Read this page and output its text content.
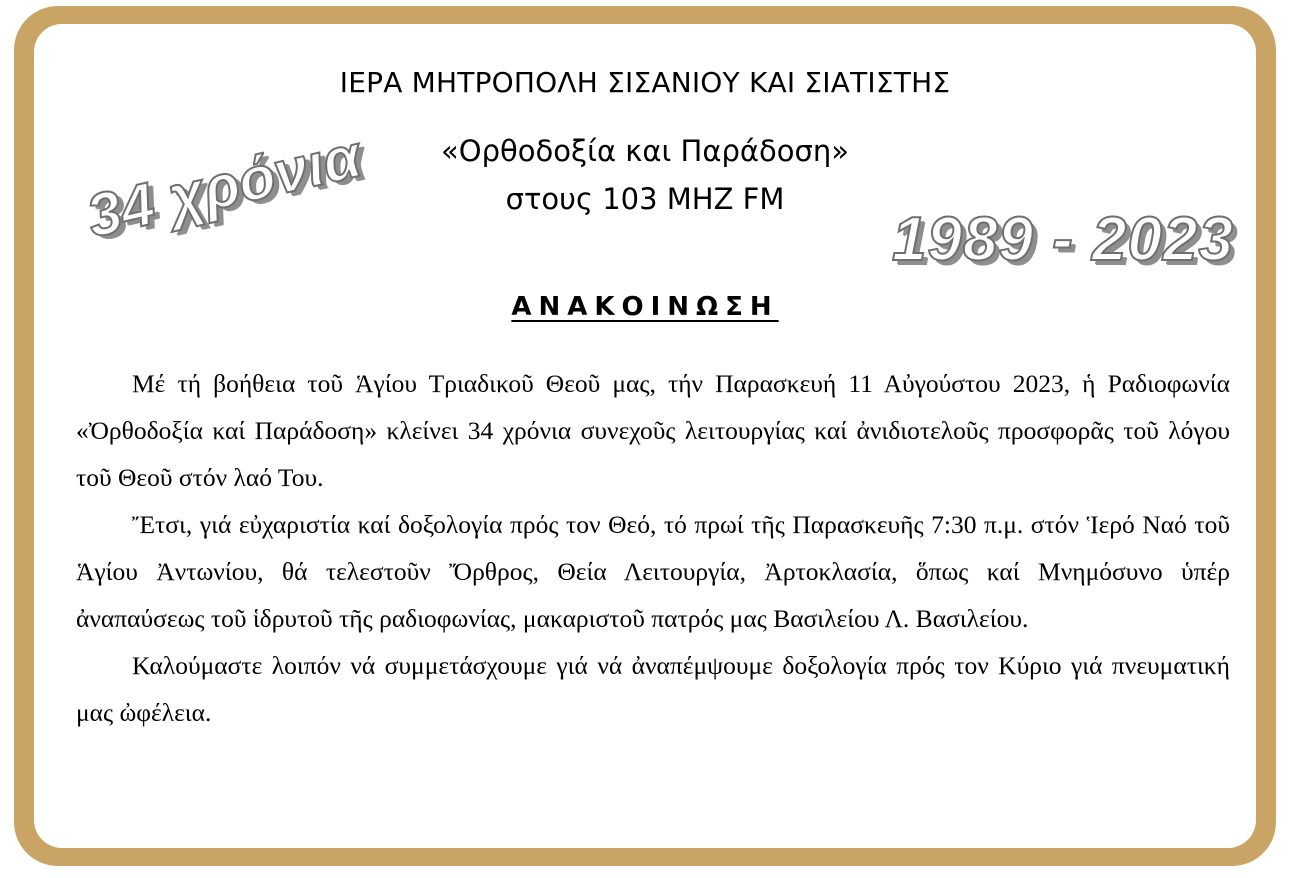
ΙΕΡΑ ΜΗΤΡΟΠΟΛΗ ΣΙΣΑΝΙΟΥ ΚΑΙ ΣΙΑΤΙΣΤΗΣ
«Ορθοδοξία και Παράδοση»
στους 103 MHZ FM
34 χρόνια	1989 - 2023
ΑΝΑΚΟΙΝΩΣΗ

Μέ τή βοήθεια τοῦ Ἁγίου Τριαδικοῦ Θεοῦ μας, τήν Παρασκευή 11 Αὐγούστου 2023, ἡ Ραδιοφωνία «Ὀρθοδοξία καί Παράδοση» κλείνει 34 χρόνια συνεχοῦς λειτουργίας καί ἀνιδιοτελοῦς προσφορᾶς τοῦ λόγου τοῦ Θεοῦ στόν λαό Του.

Ἔτσι, γιά εὐχαριστία καί δοξολογία πρός τον Θεό, τό πρωί τῆς Παρασκευῆς 7:30 π.μ. στόν Ἱερό Ναό τοῦ Ἁγίου Ἀντωνίου, θά τελεστοῦν Ὄρθρος, Θεία Λειτουργία, Ἀρτοκλασία, ὅπως καί Μνημόσυνο ὑπέρ ἀναπαύσεως τοῦ ἱδρυτοῦ τῆς ραδιοφωνίας, μακαριστοῦ πατρός μας Βασιλείου Λ. Βασιλείου.

Καλούμαστε λοιπόν νά συμμετάσχουμε γιά νά ἀναπέμψουμε δοξολογία πρός τον Κύριο γιά πνευματική μας ὠφέλεια.
